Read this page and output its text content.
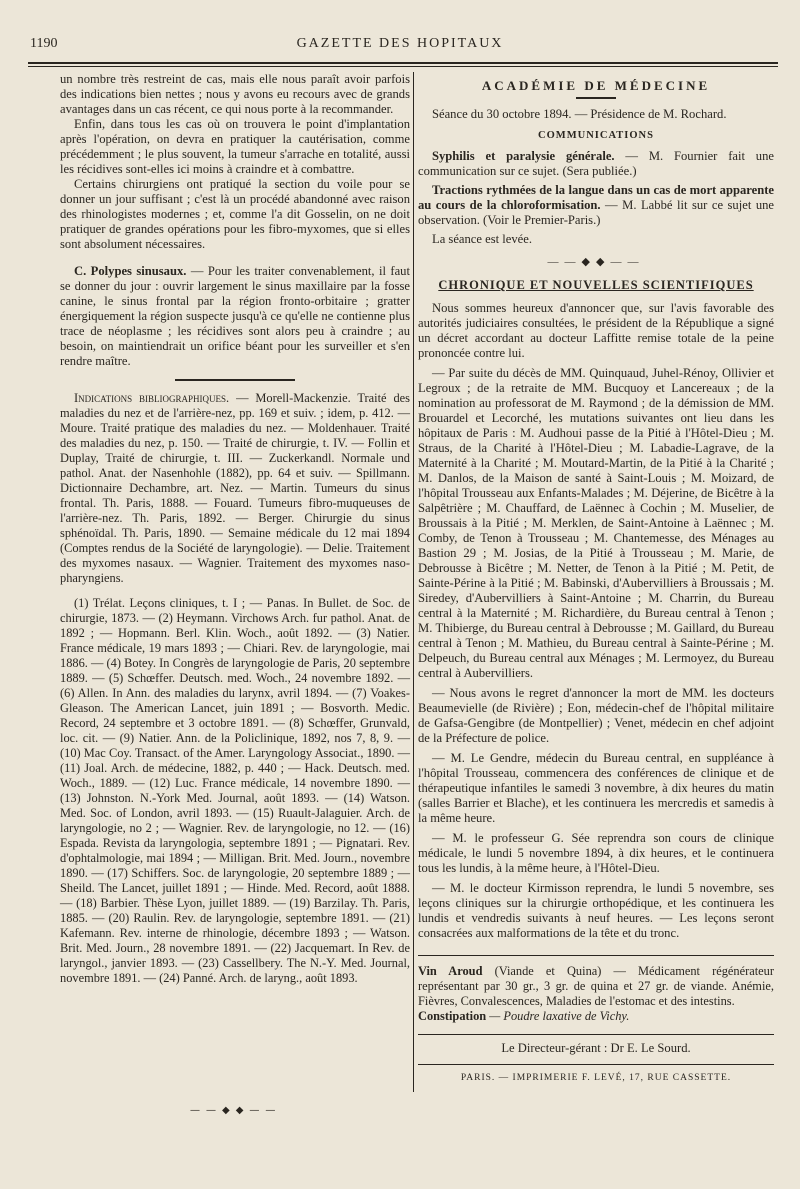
1190	GAZETTE DES HOPITAUX

un nombre très restreint de cas, mais elle nous paraît avoir parfois des indications bien nettes ; nous y avons eu recours avec de grands avantages dans un cas récent, ce qui nous porte à la recommander.

Enfin, dans tous les cas où on trouvera le point d'implantation après l'opération, on devra en pratiquer la cautérisation, comme précédemment ; le plus souvent, la tumeur s'arrache en totalité, aussi les récidives sont-elles ici moins à craindre et à combattre.

Certains chirurgiens ont pratiqué la section du voile pour se donner un jour suffisant ; c'est là un procédé abandonné avec raison des rhinologistes modernes ; et, comme l'a dit Gosselin, on ne doit pratiquer de grandes opérations pour les fibro-myxomes, que si elles sont absolument nécessaires.

C. Polypes sinusaux. — Pour les traiter convenablement, il faut se donner du jour : ouvrir largement le sinus maxillaire par la fosse canine, le sinus frontal par la région fronto-orbitaire ; gratter énergiquement la région suspecte jusqu'à ce qu'elle ne contienne plus trace de néoplasme ; les récidives sont alors peu à craindre ; au besoin, on maintiendrait un orifice béant pour les surveiller et s'en rendre maître.

Indications bibliographiques. — Morell-Mackenzie. Traité des maladies du nez et de l'arrière-nez, pp. 169 et suiv. ; idem, p. 412. — Moure. Traité pratique des maladies du nez. — Moldenhauer. Traité des maladies du nez, p. 150. — Traité de chirurgie, t. IV. — Follin et Duplay, Traité de chirurgie, t. III. — Zuckerkandl. Normale und pathol. Anat. der Nasenhohle (1882), pp. 64 et suiv. — Spillmann. Dictionnaire Dechambre, art. Nez. — Martin. Tumeurs du sinus frontal. Th. Paris, 1888. — Fouard. Tumeurs fibro-muqueuses de l'arrière-nez. Th. Paris, 1892. — Berger. Chirurgie du sinus sphénoïdal. Th. Paris, 1890. — Semaine médicale du 12 mai 1894 (Comptes rendus de la Société de laryngologie). — Delie. Traitement des myxomes nasaux. — Wagnier. Traitement des myxomes naso-pharyngiens.

(1) Trélat. Leçons cliniques, t. I ; — Panas. In Bullet. de Soc. de chirurgie, 1873. — (2) Heymann. Virchows Arch. fur pathol. Anat. de 1892 ; — Hopmann. Berl. Klin. Woch., août 1892. — (3) Natier. France médicale, 19 mars 1893 ; — Chiari. Rev. de laryngologie, mai 1886. — (4) Botey. In Congrès de laryngologie de Paris, 20 septembre 1889. — (5) Schœffer. Deutsch. med. Woch., 24 novembre 1892. — (6) Allen. In Ann. des maladies du larynx, avril 1894. — (7) Voakes-Gleason. The American Lancet, juin 1891 ; — Bosvorth. Medic. Record, 24 septembre et 3 octobre 1891. — (8) Schœffer, Grunvald, loc. cit. — (9) Natier. Ann. de la Policlinique, 1892, nos 7, 8, 9. — (10) Mac Coy. Transact. of the Amer. Laryngology Associat., 1890. — (11) Joal. Arch. de médecine, 1882, p. 440 ; — Hack. Deutsch. med. Woch., 1889. — (12) Luc. France médicale, 14 novembre 1890. — (13) Johnston. N.-York Med. Journal, août 1893. — (14) Watson. Med. Soc. of London, avril 1893. — (15) Ruault-Jalaguier. Arch. de laryngologie, no 2 ; — Wagnier. Rev. de laryngologie, no 12. — (16) Espada. Revista da laryngologia, septembre 1891 ; — Pignatari. Rev. d'ophtalmologie, mai 1894 ; — Milligan. Brit. Med. Journ., novembre 1890. — (17) Schiffers. Soc. de laryngologie, 20 septembre 1889 ; — Sheild. The Lancet, juillet 1891 ; — Hinde. Med. Record, août 1888. — (18) Barbier. Thèse Lyon, juillet 1889. — (19) Barzilay. Th. Paris, 1885. — (20) Raulin. Rev. de laryngologie, septembre 1891. — (21) Kafemann. Rev. interne de rhinologie, décembre 1893 ; — Watson. Brit. Med. Journ., 28 novembre 1891. — (22) Jacquemart. In Rev. de laryngol., janvier 1893. — (23) Cassellbery. The N.-Y. Med. Journal, novembre 1891. — (24) Panné. Arch. de laryng., août 1893.

ACADÉMIE DE MÉDECINE

Séance du 30 octobre 1894. — Présidence de M. Rochard.

COMMUNICATIONS

Syphilis et paralysie générale. — M. Fournier fait une communication sur ce sujet. (Sera publiée.)

Tractions rythmées de la langue dans un cas de mort apparente au cours de la chloroformisation. — M. Labbé lit sur ce sujet une observation. (Voir le Premier-Paris.)

La séance est levée.

——◆◆——
CHRONIQUE ET NOUVELLES SCIENTIFIQUES

Nous sommes heureux d'annoncer que, sur l'avis favorable des autorités judiciaires consultées, le président de la République a signé un décret accordant au docteur Laffitte remise totale de la peine prononcée contre lui.

— Par suite du décès de MM. Quinquaud, Juhel-Rénoy, Ollivier et Legroux ; de la retraite de MM. Bucquoy et Lancereaux ; de la nomination au professorat de M. Raymond ; de la démission de MM. Brouardel et Lecorché, les mutations suivantes ont lieu dans les hôpitaux de Paris : M. Audhoui passe de la Pitié à l'Hôtel-Dieu ; M. Straus, de la Charité à l'Hôtel-Dieu ; M. Labadie-Lagrave, de la Maternité à la Charité ; M. Moutard-Martin, de la Pitié à la Charité ; M. Danlos, de la Maison de santé à Saint-Louis ; M. Moizard, de l'hôpital Trousseau aux Enfants-Malades ; M. Déjerine, de Bicêtre à la Salpêtrière ; M. Chauffard, de Laënnec à Cochin ; M. Muselier, de Broussais à la Pitié ; M. Merklen, de Saint-Antoine à Laënnec ; M. Comby, de Tenon à Trousseau ; M. Chantemesse, des Ménages au Bastion 29 ; M. Josias, de la Pitié à Trousseau ; M. Marie, de Debrousse à Bicêtre ; M. Netter, de Tenon à la Pitié ; M. Petit, de Sainte-Périne à la Pitié ; M. Babinski, d'Aubervilliers à Broussais ; M. Siredey, d'Aubervilliers à Saint-Antoine ; M. Charrin, du Bureau central à la Maternité ; M. Richardière, du Bureau central à Tenon ; M. Thibierge, du Bureau central à Debrousse ; M. Gaillard, du Bureau central à Tenon ; M. Mathieu, du Bureau central à Sainte-Périne ; M. Delpeuch, du Bureau central aux Ménages ; M. Lermoyez, du Bureau central à Aubervilliers.

— Nous avons le regret d'annoncer la mort de MM. les docteurs Beaumevielle (de Rivière) ; Eon, médecin-chef de l'hôpital militaire de Gafsa-Gengibre (de Montpellier) ; Venet, médecin en chef adjoint de la Préfecture de police.

— M. Le Gendre, médecin du Bureau central, en suppléance à l'hôpital Trousseau, commencera des conférences de clinique et de thérapeutique infantiles le samedi 3 novembre, à dix heures du matin (salles Barrier et Blache), et les continuera les mercredis et samedis à la même heure.

— M. le professeur G. Sée reprendra son cours de clinique médicale, le lundi 5 novembre 1894, à dix heures, et le continuera tous les lundis, à la même heure, à l'Hôtel-Dieu.

— M. le docteur Kirmisson reprendra, le lundi 5 novembre, ses leçons cliniques sur la chirurgie orthopédique, et les continuera les lundis et vendredis suivants à neuf heures. — Les leçons seront consacrées aux malformations de la tête et du tronc.

Vin Aroud (Viande et Quina) — Médicament régénérateur représentant par 30 gr., 3 gr. de quina et 27 gr. de viande. Anémie, Fièvres, Convalescences, Maladies de l'estomac et des intestins.

Constipation — Poudre laxative de Vichy.

Le Directeur-gérant : Dr E. Le Sourd.
PARIS. — IMPRIMERIE F. LEVÉ, 17, RUE CASSETTE.
——◆◆——
